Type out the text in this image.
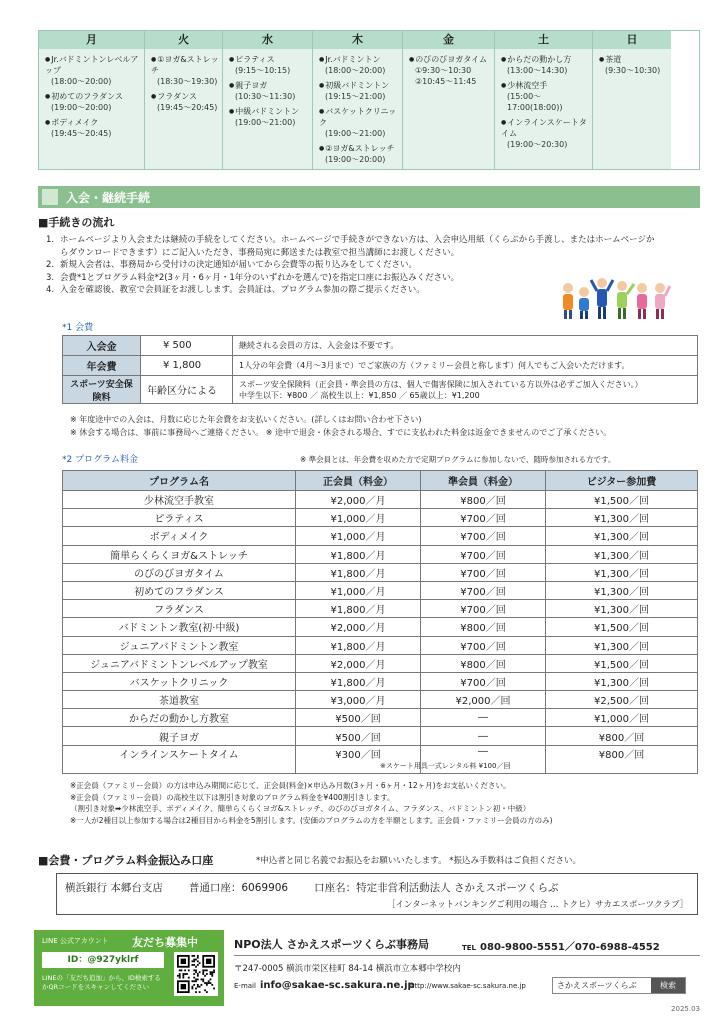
月
● Jr.バドミントンレベルアップ
(18:00～20:00)
● 初めてのフラダンス
(19:00～20:00)
● ボディメイク
(19:45～20:45)
火
● ①ヨガ&ストレッチ
(18:30～19:30)
● フラダンス
(19:45～20:45)
水
● ピラティス
(9:15～10:15)
● 親子ヨガ
(10:30～11:30)
● 中級バドミントン
(19:00～21:00)
木
● Jr.バドミントン
(18:00～20:00)
● 初級バドミントン
(19:15～21:00)
● バスケットクリニック
(19:00～21:00)
● ②ヨガ&ストレッチ
(19:00～20:00)
金
● のびのびヨガタイム
①9:30～10:30
②10:45～11:45
土
● からだの動かし方
(13:00～14:30)
● 少林流空手
(15:00～17:00(18:00))
● インラインスケートタイム
(19:00～20:30)
日
● 茶道
(9:30～10:30)
入会・継続手続
■手続きの流れ
1. ホームページより入会または継続の手続をしてください。ホームページで手続きができない方は、入会申込用紙（くらぶから手渡し、またはホームページからダウンロードできます）にご記入いただき、事務局宛に郵送または教室で担当講師にお渡しください。
2. 新規入会者は、事務局から受付けの決定通知が届いてから会費等の振り込みをしてください。
3. 会費*1とプログラム料金*2(3ヶ月・6ヶ月・1年分のいずれかを選んで)を指定口座にお振込みください。
4. 入金を確認後、教室で会員証をお渡しします。会員証は、プログラム参加の際ご提示ください。
*1 会費
入会金	¥ 500	継続される会員の方は、入会金は不要です。

年会費	¥ 1,800	1人分の年会費（4月～3月まで）でご家族の方（ファミリー会員と称します）何人でもご入会いただけます。

スポーツ安全保険料	年齢区分による	スポーツ安全保険料（正会員・準会員の方は、個人で傷害保険に加入されている方以外は必ずご加入ください。）
中学生以下：¥800 ／ 高校生以上：¥1,850 ／ 65歳以上：¥1,200
※ 年度途中での入会は、月数に応じた年会費をお支払いください。(詳しくはお問い合わせ下さい)
※ 休会する場合は、事前に事務局へご連絡ください。 ※ 途中で退会・休会される場合、すでに支払われた料金は返金できませんのでご了承ください。
*2 プログラム料金	※ 準会員とは、年会費を収めた方で定期プログラムに参加しないで、随時参加される方です。
プログラム名	正会員（料金）	準会員（料金）	ビジター参加費
少林流空手教室	¥2,000／月	¥800／回	¥1,500／回
ピラティス	¥1,000／月	¥700／回	¥1,300／回
ボディメイク	¥1,000／月	¥700／回	¥1,300／回
簡単らくらくヨガ&ストレッチ	¥1,800／月	¥700／回	¥1,300／回
のびのびヨガタイム	¥1,800／月	¥700／回	¥1,300／回
初めてのフラダンス	¥1,000／月	¥700／回	¥1,300／回
フラダンス	¥1,800／月	¥700／回	¥1,300／回
バドミントン教室(初·中級)	¥2,000／月	¥800／回	¥1,500／回
ジュニアバドミントン教室	¥1,800／月	¥700／回	¥1,300／回
ジュニアバドミントンレベルアップ教室	¥2,000／月	¥800／回	¥1,500／回
バスケットクリニック	¥1,800／月	¥700／回	¥1,300／回
茶道教室	¥3,000／月	¥2,000／回	¥2,500／回
からだの動かし方教室	¥500／回	―	¥1,000／回
親子ヨガ	¥500／回	―	¥800／回
インラインスケートタイム	¥300／回	―	¥800／回
※スケート用具一式レンタル料 ¥100／回
※正会員（ファミリー会員）の方は申込み期間に応じて、正会員(料金)×申込み月数(3ヶ月・6ヶ月・12ヶ月)をお支払いください。
※正会員（ファミリー会員）の高校生以下は割引き対象のプログラム料金を¥400割引きします。
（割引き対象➡少林流空手、ボディメイク、簡単らくらくヨガ&ストレッチ、のびのびヨガタイム、フラダンス、バドミントン初・中級）
※一人が2種目以上参加する場合は2種目目から料金を5割引します。(安価のプログラムの方を半額とします。正会員・ファミリー会員の方のみ)
■会費・プログラム料金振込み口座	*申込者と同じ名義でお振込をお願いいたします。 *振込み手数料はご負担ください。
横浜銀行 本郷台支店 普通口座：6069906 口座名：特定非営利活動法人 さかえスポーツくらぶ
［インターネットバンキングご利用の場合 … トクヒ）サカエスポーツクラブ］
LINE 公式アカウント 友だち募集中
ID：@927yklrf
LINEの「友だち追加」から、ID検索するかQRコードをスキャンしてください
NPO法人 さかえスポーツくらぶ事務局	TEL 080-9800-5551／070-6988-4552
〒247-0005 横浜市栄区桂町 84-14 横浜市立本郷中学校内
E-mail info@sakae-sc.sakura.ne.jp
http://www.sakae-sc.sakura.ne.jp	さかえスポーツくらぶ	検索
2025.03
